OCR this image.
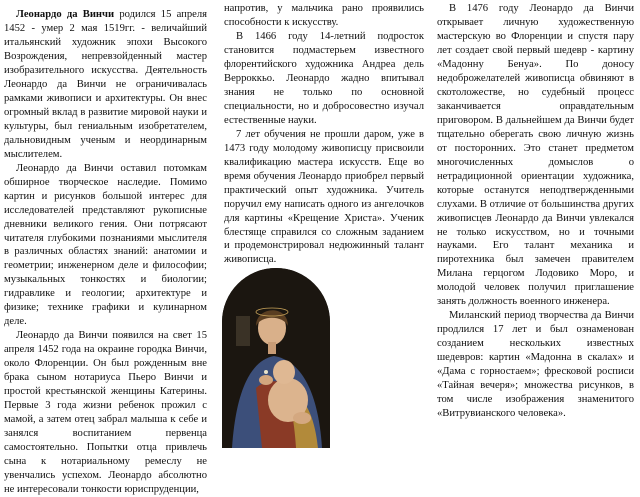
Леонардо да Винчи родился 15 апреля 1452 - умер 2 мая 1519гг. - величайший итальянский художник эпохи Высокого Возрождения, непревзойденный мастер изобразительного искусства. Деятельность Леонардо да Винчи не ограничивалась рамками живописи и архитектуры. Он внес огромный вклад в развитие мировой науки и культуры, был гениальным изобретателем, дальновидным ученым и неординарным мыслителем.

Леонардо да Винчи оставил потомкам обширное творческое наследие. Помимо картин и рисунков большой интерес для исследователей представляют рукописные дневники великого гения. Они потрясают читателя глубокими познаниями мыслителя в различных областях знаний: анатомии и геометрии; инженерном деле и философии; музыкальных тонкостях и биологии; гидравлике и геологии; архитектуре и физике; технике графики и кулинарном деле.

Леонардо да Винчи появился на свет 15 апреля 1452 года на окраине городка Винчи, около Флоренции. Он был рожденным вне брака сыном нотариуса Пьеро Винчи и простой крестьянской женщины Катерины. Первые 3 года жизни ребенок прожил с мамой, а затем отец забрал малыша к себе и занялся воспитанием первенца самостоятельно. Попытки отца привлечь сына к нотариальному ремеслу не увенчались успехом. Леонардо абсолютно не интересовали тонкости юриспруденции,

напротив, у мальчика рано проявились способности к искусству.

В 1466 году 14-летний подросток становится подмастерьем известного флорентийского художника Андреа дель Верроккьо. Леонардо жадно впитывал знания не только по основной специальности, но и добросовестно изучал естественные науки.

7 лет обучения не прошли даром, уже в 1473 году молодому живописцу присвоили квалификацию мастера искусств. Еще во время обучения Леонардо приобрел первый практический опыт художника. Учитель поручил ему написать одного из ангелочков для картины «Крещение Христа». Ученик блестяще справился со сложным заданием и продемонстрировал недюжинный талант живописца.

В 1476 году Леонардо да Винчи открывает личную художественную мастерскую во Флоренции и спустя пару лет создает свой первый шедевр - картину «Мадонну Бенуа». По доносу недоброжелателей живописца обвиняют в скотоложестве, но судебный процесс заканчивается оправдательным приговором. В дальнейшем да Винчи будет тщательно оберегать свою личную жизнь от посторонних. Это станет предметом многочисленных домыслов о нетрадиционной ориентации художника, которые останутся неподтвержденными слухами. В отличие от большинства других живописцев Леонардо да Винчи увлекался не только искусством, но и точными науками. Его талант механика и пиротехника был замечен правителем Милана герцогом Лодовико Моро, и молодой человек получил приглашение занять должность военного инженера.

Миланский период творчества да Винчи продлился 17 лет и был ознаменован созданием нескольких известных шедевров: картин «Мадонна в скалах» и «Дама с горностаем»; фресковой росписи «Тайная вечеря»; множества рисунков, в том числе изображения знаменитого «Витрувианского человека».
